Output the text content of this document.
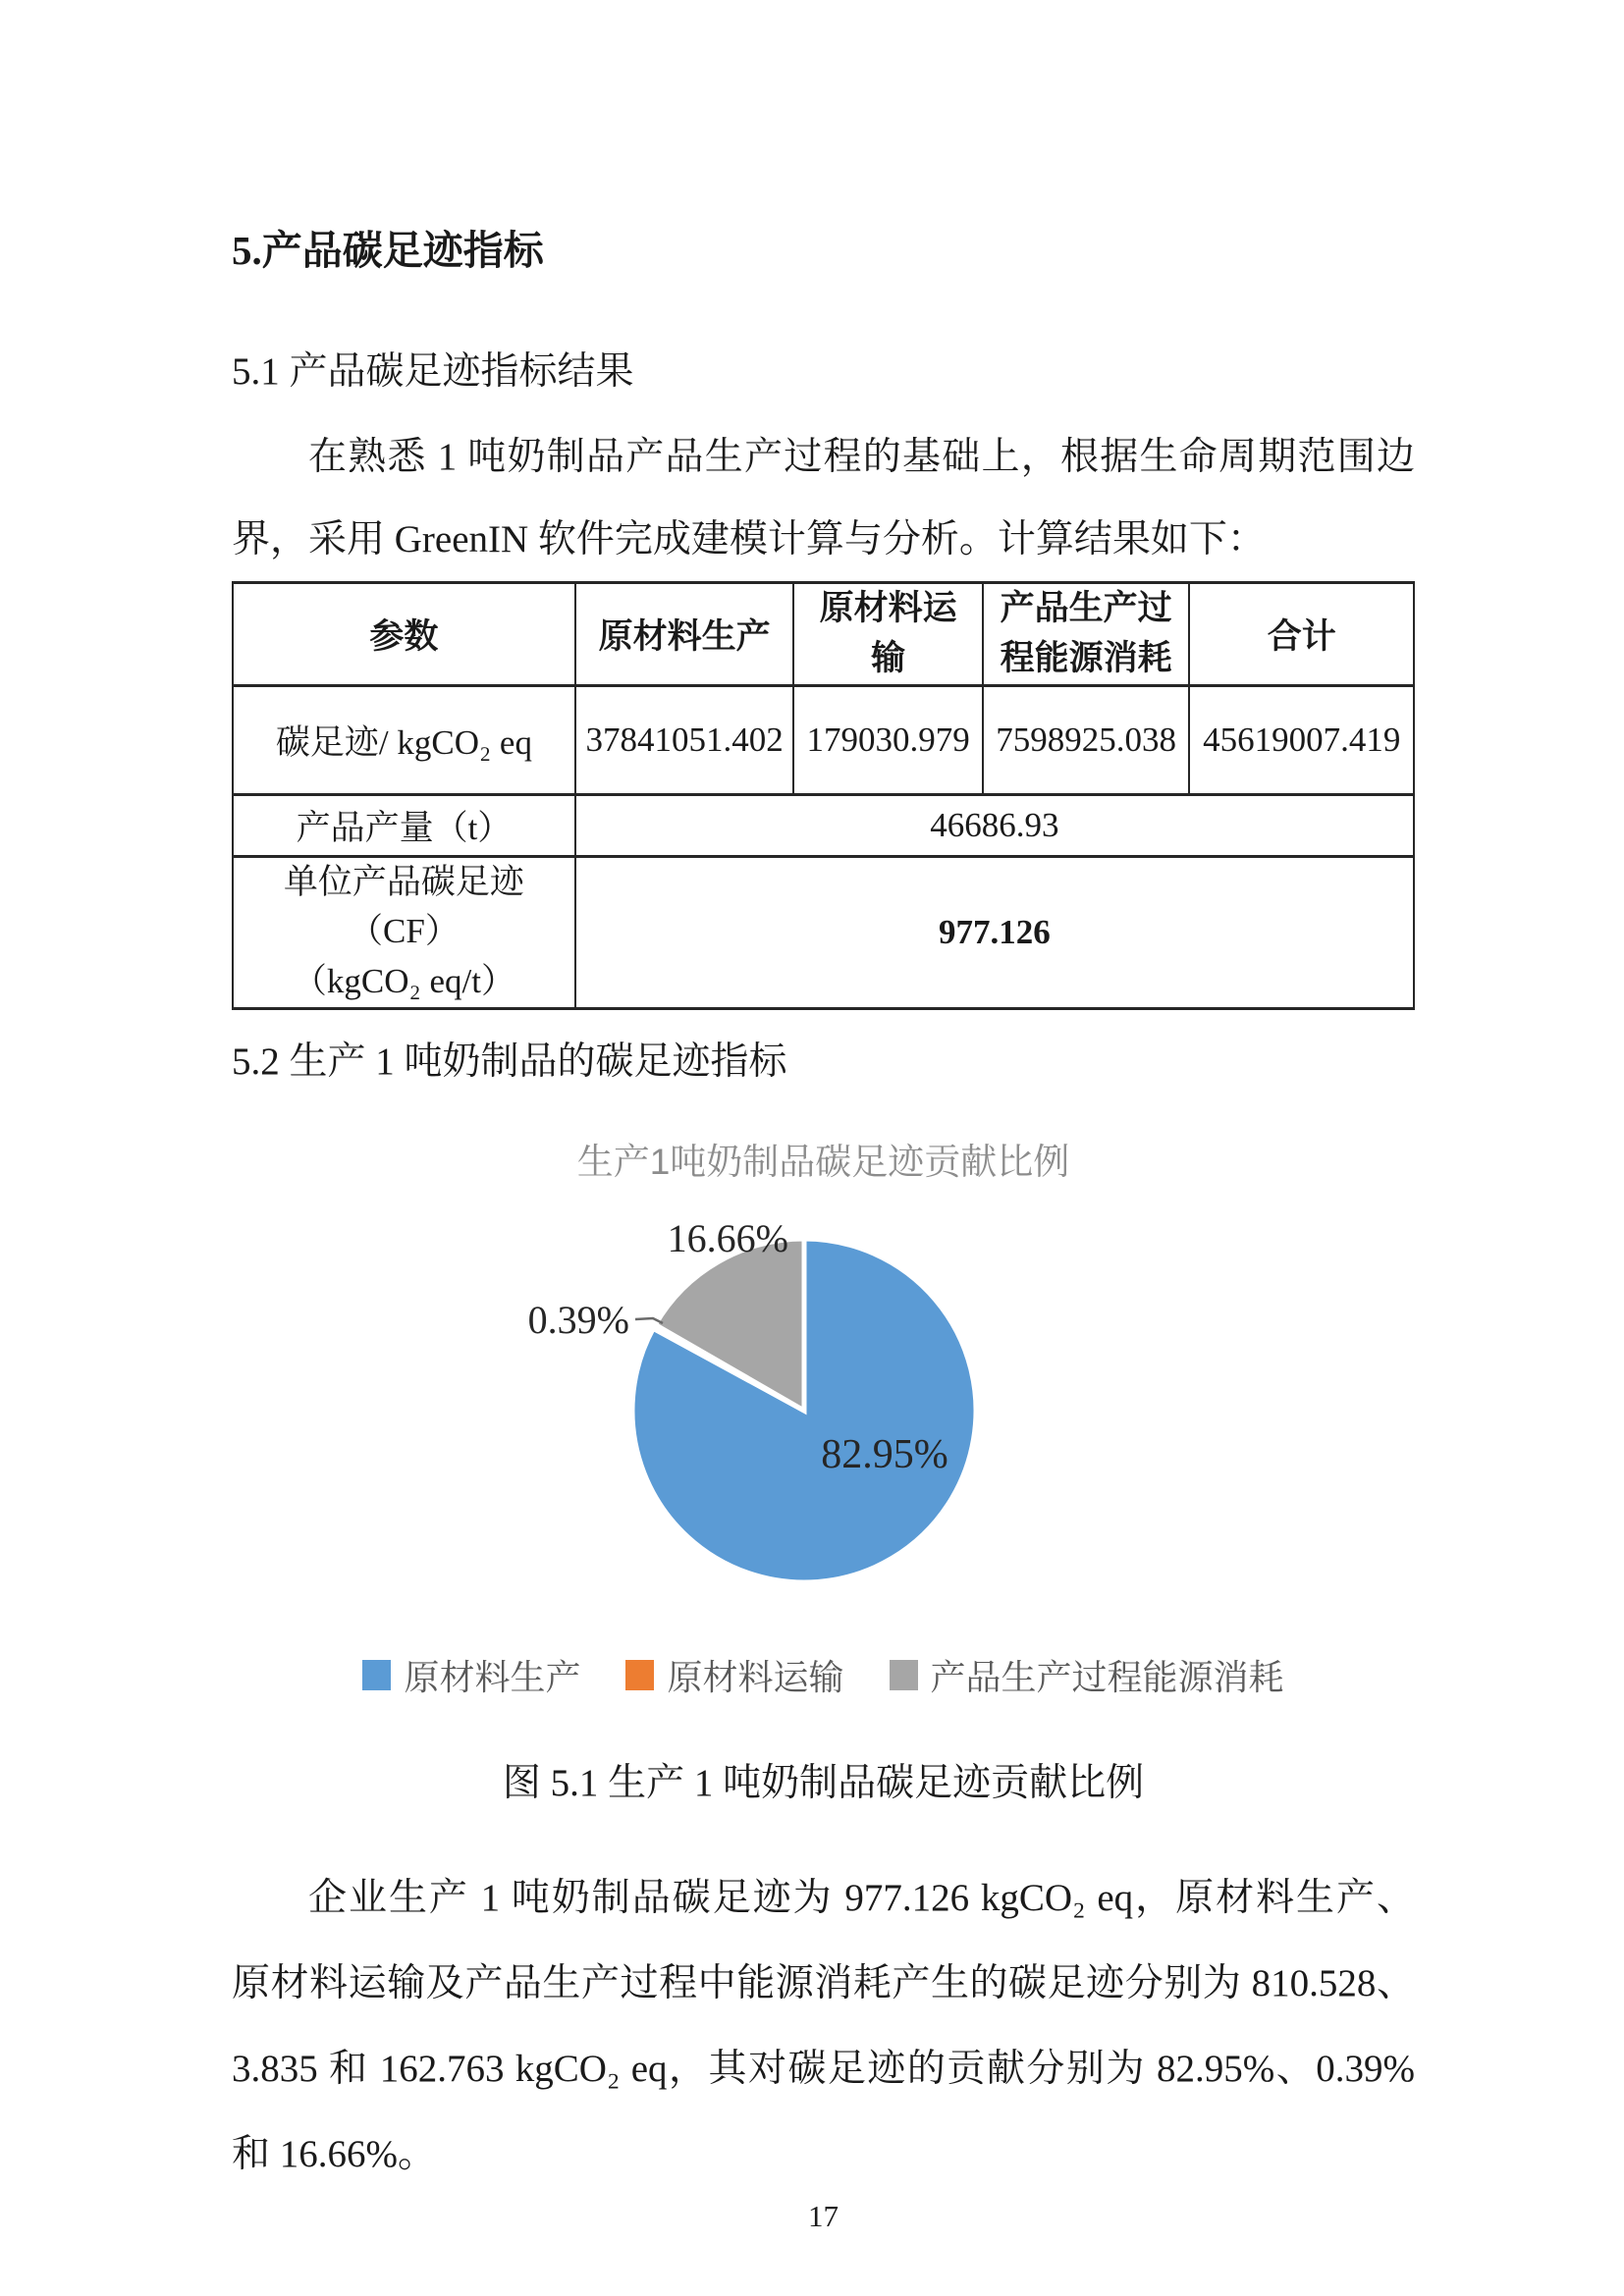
5.产品碳足迹指标
5.1 产品碳足迹指标结果
在熟悉 1 吨奶制品产品生产过程的基础上，根据生命周期范围边
界，采用 GreenIN 软件完成建模计算与分析。计算结果如下：
参数	原材料生产	原材料运输	产品生产过程能源消耗	合计
碳足迹/ kgCO₂ eq	37841051.402	179030.979	7598925.038	45619007.419
产品产量（t）	46686.93			

单位产品碳足迹（CF）
（kgCO₂ eq/t）	977.126			
5.2 生产 1 吨奶制品的碳足迹指标
生产1吨奶制品碳足迹贡献比例
16.66%
0.39%
82.95%
原材料生产 原材料运输 产品生产过程能源消耗
图 5.1 生产 1 吨奶制品碳足迹贡献比例
企业生产 1 吨奶制品碳足迹为 977.126 kgCO₂ eq，原材料生产、
原材料运输及产品生产过程中能源消耗产生的碳足迹分别为 810.528、
3.835 和 162.763 kgCO₂ eq，其对碳足迹的贡献分别为 82.95%、0.39%
和 16.66%。
17
